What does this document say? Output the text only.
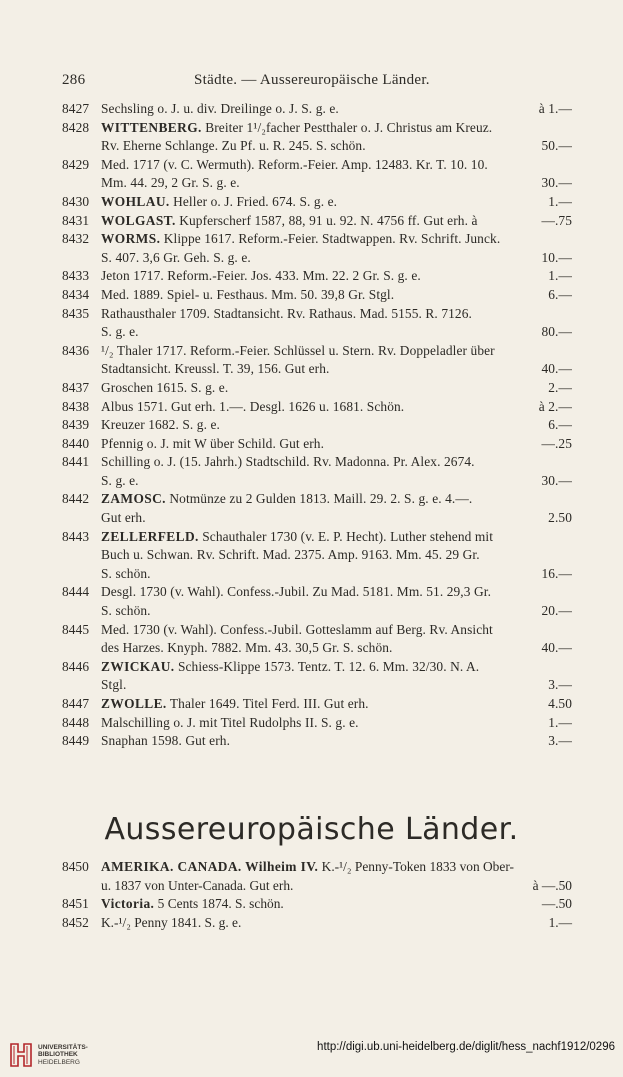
286	Städte. — Aussereuropäische Länder.
8427 Sechsling o. J. u. div. Dreilinge o. J. S. g. e.	à 1.—
8428 WITTENBERG. Breiter 1¹/₂facher Pestthaler o. J. Christus am Kreuz.
Rv. Eherne Schlange. Zu Pf. u. R. 245. S. schön.	50.—
8429 Med. 1717 (v. C. Wermuth). Reform.-Feier. Amp. 12483. Kr. T. 10. 10.
Mm. 44. 29, 2 Gr. S. g. e.	30.—
8430 WOHLAU. Heller o. J. Fried. 674. S. g. e.	1.—
8431 WOLGAST. Kupferscherf 1587, 88, 91 u. 92. N. 4756 ff. Gut erh. à	—.75
8432 WORMS. Klippe 1617. Reform.-Feier. Stadtwappen. Rv. Schrift. Junck.
S. 407. 3,6 Gr. Geh. S. g. e.	10.—
8433 Jeton 1717. Reform.-Feier. Jos. 433. Mm. 22. 2 Gr. S. g. e.	1.—
8434 Med. 1889. Spiel- u. Festhaus. Mm. 50. 39,8 Gr. Stgl.	6.—
8435 Rathausthaler 1709. Stadtansicht. Rv. Rathaus. Mad. 5155. R. 7126.
S. g. e.	80.—
8436 ¹/₂ Thaler 1717. Reform.-Feier. Schlüssel u. Stern. Rv. Doppeladler über
Stadtansicht. Kreussl. T. 39, 156. Gut erh.	40.—
8437 Groschen 1615. S. g. e.	2.—
8438 Albus 1571. Gut erh. 1.—. Desgl. 1626 u. 1681. Schön.	à 2.—
8439 Kreuzer 1682. S. g. e.	6.—
8440 Pfennig o. J. mit W über Schild. Gut erh.	—.25
8441 Schilling o. J. (15. Jahrh.) Stadtschild. Rv. Madonna. Pr. Alex. 2674.
S. g. e.	30.—
8442 ZAMOSC. Notmünze zu 2 Gulden 1813. Maill. 29. 2. S. g. e. 4.—.
Gut erh.	2.50
8443 ZELLERFELD. Schauthaler 1730 (v. E. P. Hecht). Luther stehend mit
Buch u. Schwan. Rv. Schrift. Mad. 2375. Amp. 9163. Mm. 45. 29 Gr.
S. schön.	16.—
8444 Desgl. 1730 (v. Wahl). Confess.-Jubil. Zu Mad. 5181. Mm. 51. 29,3 Gr.
S. schön.	20.—
8445 Med. 1730 (v. Wahl). Confess.-Jubil. Gotteslamm auf Berg. Rv. Ansicht
des Harzes. Knyph. 7882. Mm. 43. 30,5 Gr. S. schön.	40.—
8446 ZWICKAU. Schiess-Klippe 1573. Tentz. T. 12. 6. Mm. 32/30. N. A.
Stgl.	3.—
8447 ZWOLLE. Thaler 1649. Titel Ferd. III. Gut erh.	4.50
8448 Malschilling o. J. mit Titel Rudolphs II. S. g. e.	1.—
8449 Snaphan 1598. Gut erh.	3.—
Aussereuropäische Länder.
8450 AMERIKA. CANADA. Wilheim IV. K.-¹/₂ Penny-Token 1833 von Ober-
u. 1837 von Unter-Canada. Gut erh.	à —.50
8451 Victoria. 5 Cents 1874. S. schön.	—.50
8452 K.-¹/₂ Penny 1841. S. g. e.	1.—
UNIVERSITÄTS-
BIBLIOTHEK
HEIDELBERG
http://digi.ub.uni-heidelberg.de/diglit/hess_nachf1912/0296
